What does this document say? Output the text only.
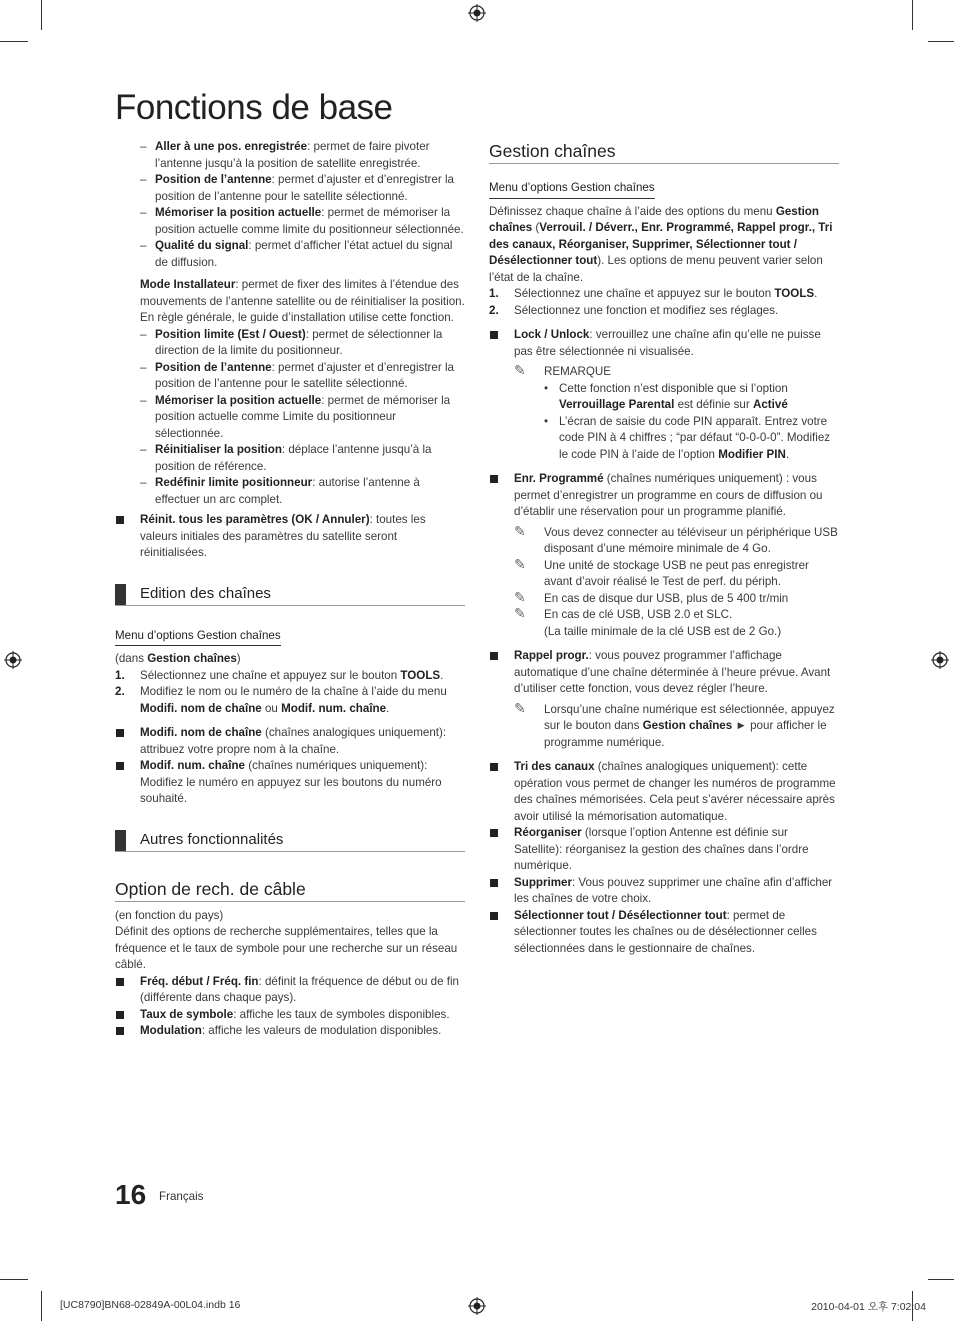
Fonctions de base

– Aller à une pos. enregistrée: permet de faire pivoter l’antenne jusqu’à la position de satellite enregistrée.

– Position de l’antenne: permet d’ajuster et d’enregistrer la position de l’antenne pour le satellite sélectionné.

– Mémoriser la position actuelle: permet de mémoriser la position actuelle comme limite du positionneur sélectionnée.

– Qualité du signal: permet d’afficher l’état actuel du signal de diffusion.

Mode Installateur: permet de fixer des limites à l’étendue des mouvements de l’antenne satellite ou de réinitialiser la position. En règle générale, le guide d’installation utilise cette fonction.

– Position limite (Est / Ouest): permet de sélectionner la direction de la limite du positionneur.

– Position de l’antenne: permet d’ajuster et d’enregistrer la position de l’antenne pour le satellite sélectionné.

– Mémoriser la position actuelle: permet de mémoriser la position actuelle comme Limite du positionneur sélectionnée.

– Réinitialiser la position: déplace l’antenne jusqu’à la position de référence.

– Redéfinir limite positionneur: autorise l’antenne à effectuer un arc complet.

Réinit. tous les paramètres (OK / Annuler): toutes les valeurs initiales des paramètres du satellite seront réinitialisées.

Edition des chaînes
Menu d’options Gestion chaînes

(dans Gestion chaînes)

1. Sélectionnez une chaîne et appuyez sur le bouton TOOLS.

2. Modifiez le nom ou le numéro de la chaîne à l’aide du menu Modifi. nom de chaîne ou Modif. num. chaîne.

Modifi. nom de chaîne (chaînes analogiques uniquement): attribuez votre propre nom à la chaîne.

Modif. num. chaîne (chaînes numériques uniquement): Modifiez le numéro en appuyez sur les boutons du numéro souhaité.

Autres fonctionnalités
Option de rech. de câble

(en fonction du pays)

Définit des options de recherche supplémentaires, telles que la fréquence et le taux de symbole pour une recherche sur un réseau câblé.

Fréq. début / Fréq. fin: définit la fréquence de début ou de fin (différente dans chaque pays).

Taux de symbole: affiche les taux de symboles disponibles.

Modulation: affiche les valeurs de modulation disponibles.

Gestion chaînes
Menu d’options Gestion chaînes

Définissez chaque chaîne à l’aide des options du menu Gestion chaînes (Verrouil. / Déverr., Enr. Programmé, Rappel progr., Tri des canaux, Réorganiser, Supprimer, Sélectionner tout / Désélectionner tout). Les options de menu peuvent varier selon l’état de la chaîne.

1. Sélectionnez une chaîne et appuyez sur le bouton TOOLS.

2. Sélectionnez une fonction et modifiez ses réglages.

Lock / Unlock: verrouillez une chaîne afin qu’elle ne puisse pas être sélectionnée ni visualisée.

✎ REMARQUE

• Cette fonction n’est disponible que si l’option Verrouillage Parental est définie sur Activé

• L’écran de saisie du code PIN apparaît. Entrez votre code PIN à 4 chiffres ; “par défaut “0-0-0-0”. Modifiez le code PIN à l’aide de l’option Modifier PIN.

Enr. Programmé (chaînes numériques uniquement) : vous permet d’enregistrer un programme en cours de diffusion ou d’établir une réservation pour un programme planifié.

✎ Vous devez connecter au téléviseur un périphérique USB disposant d’une mémoire minimale de 4 Go.

✎ Une unité de stockage USB ne peut pas enregistrer avant d’avoir réalisé le Test de perf. du périph.

✎ En cas de disque dur USB, plus de 5 400 tr/min

✎ En cas de clé USB, USB 2.0 et SLC.
(La taille minimale de la clé USB est de 2 Go.)

Rappel progr.: vous pouvez programmer l’affichage automatique d’une chaîne déterminée à l’heure prévue. Avant d’utiliser cette fonction, vous devez régler l’heure.

✎ Lorsqu’une chaîne numérique est sélectionnée, appuyez sur le bouton dans Gestion chaînes ► pour afficher le programme numérique.

Tri des canaux (chaînes analogiques uniquement): cette opération vous permet de changer les numéros de programme des chaînes mémorisées. Cela peut s’avérer nécessaire après avoir utilisé la mémorisation automatique.

Réorganiser (lorsque l’option Antenne est définie sur Satellite): réorganisez la gestion des chaînes dans l’ordre numérique.

Supprimer: Vous pouvez supprimer une chaîne afin d’afficher les chaînes de votre choix.

Sélectionner tout / Désélectionner tout: permet de sélectionner toutes les chaînes ou de désélectionner celles sélectionnées dans le gestionnaire de chaînes.

16 Français
[UC8790]BN68-02849A-00L04.indb 16	2010-04-01 오후 7:02:04
